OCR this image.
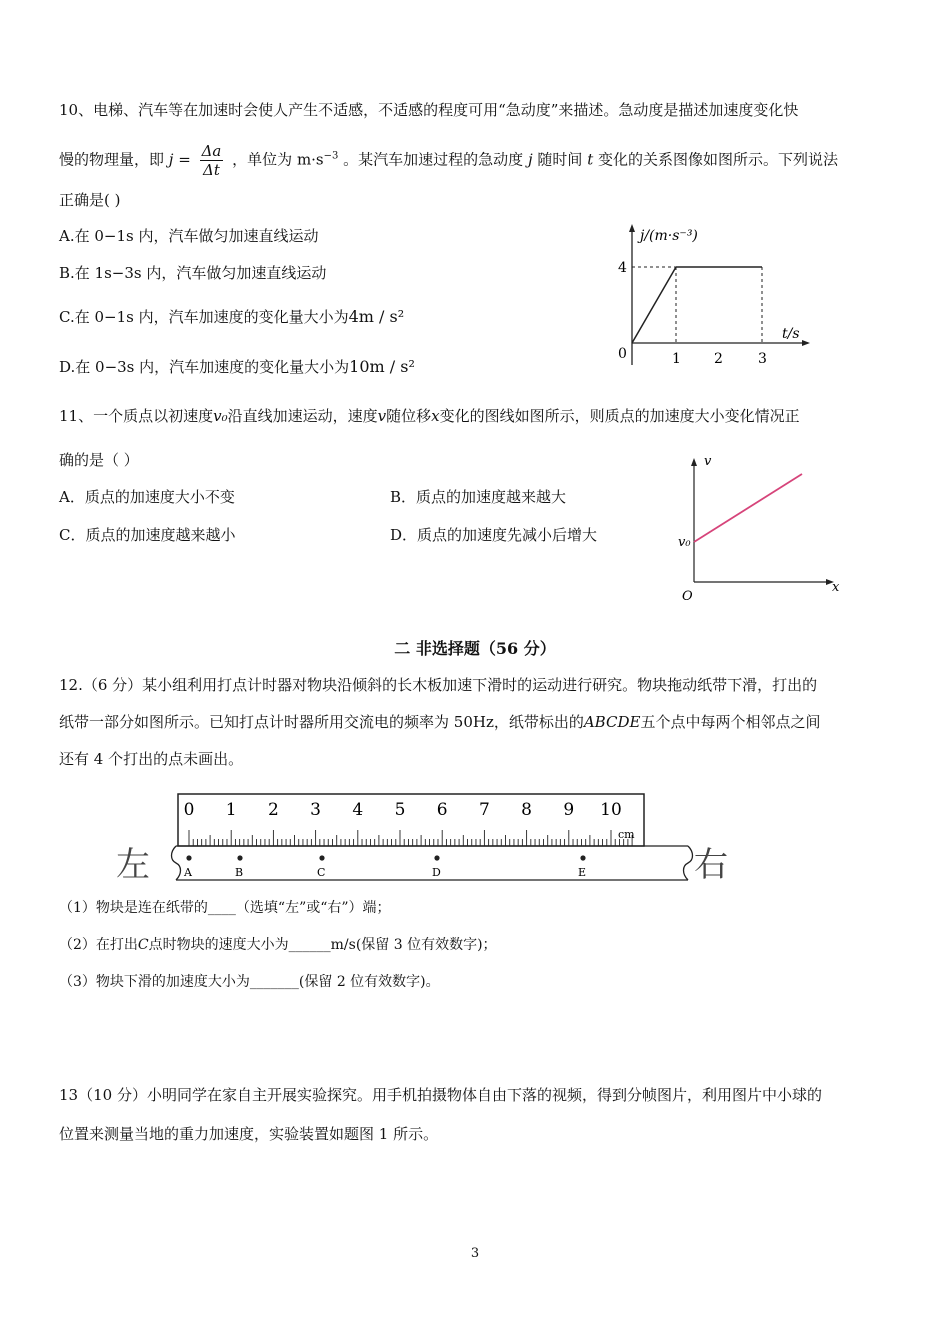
10、电梯、汽车等在加速时会使人产生不适感，不适感的程度可用“急动度”来描述。急动度是描述加速度变化快
慢的物理量，即 $j = \frac{\Delta a}{\Delta t}$ ，单位为 $m\cdot s^{-3}$ 。某汽车加速过程的急动度 j 随时间 t 变化的关系图像如图所示。下列说法
正确是( )
A.在 0−1s 内，汽车做匀加速直线运动
B.在 1s−3s 内，汽车做匀加速直线运动
C.在 0−1s 内，汽车加速度的变化量大小为4m / s²
D.在 0−3s 内，汽车加速度的变化量大小为10m / s²
j/(m·s⁻³)
t/s
4
0	1 2	3
11、一个质点以初速度v₀沿直线加速运动，速度v随位移x变化的图线如图所示，则质点的加速度大小变化情况正
确的是（ ）
A．质点的加速度大小不变	B．质点的加速度越来越大
C．质点的加速度越来越小	D．质点的加速度先减小后增大
v
x
v₀
O
二 非选择题（56 分）
12.（6 分）某小组利用打点计时器对物块沿倾斜的长木板加速下滑时的运动进行研究。物块拖动纸带下滑，打出的
纸带一部分如图所示。已知打点计时器所用交流电的频率为 50Hz，纸带标出的ABCDE五个点中每两个相邻点之间
还有 4 个打出的点未画出。
0 1 2 3 4 5 6 7 8 9 10
cm
左	右
A	B	C	D	E
（1）物块是连在纸带的____（选填“左”或“右”）端；
（2）在打出C点时物块的速度大小为______m/s(保留 3 位有效数字)；
（3）物块下滑的加速度大小为_______(保留 2 位有效数字)。
13（10 分）小明同学在家自主开展实验探究。用手机拍摄物体自由下落的视频，得到分帧图片，利用图片中小球的
位置来测量当地的重力加速度，实验装置如题图 1 所示。
3
